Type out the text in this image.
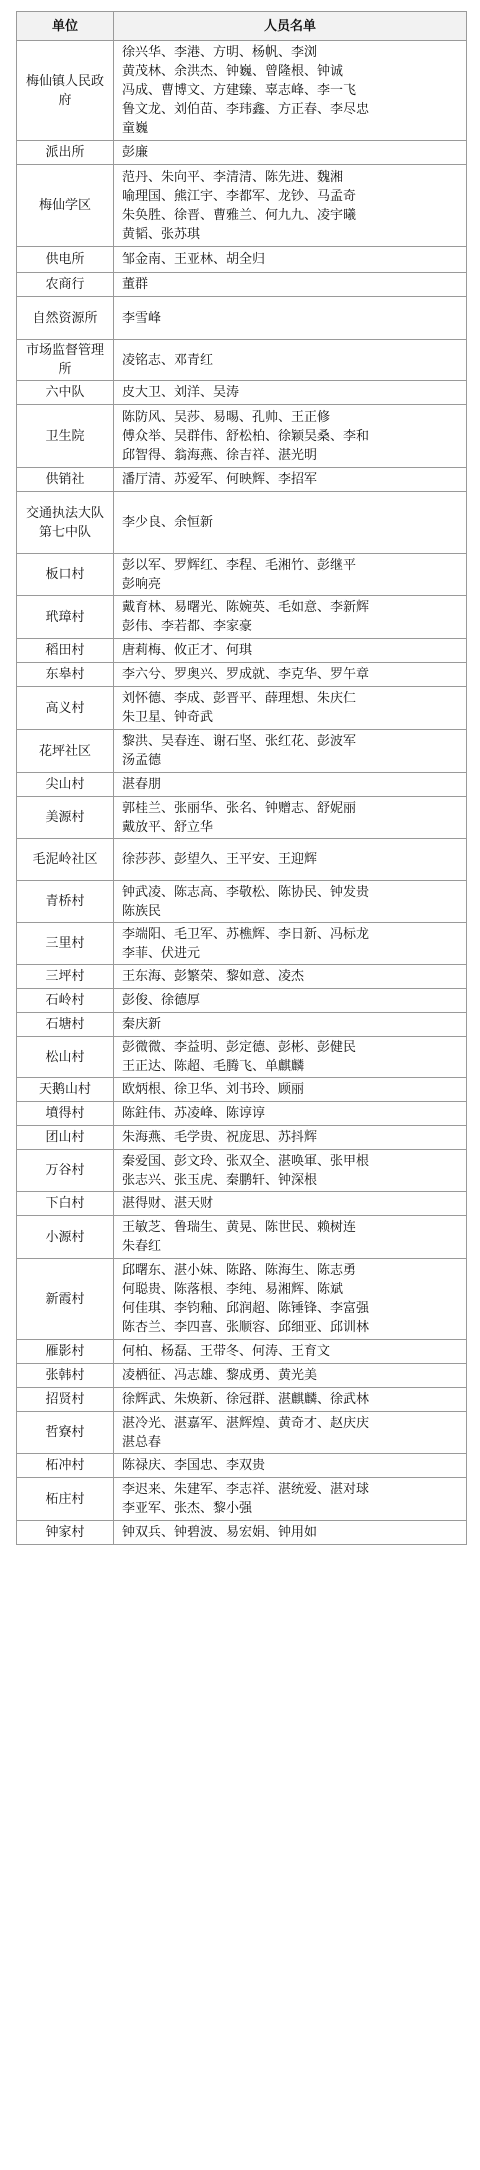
单位	人员名单
梅仙镇人民政府	徐兴华、李港、方明、杨帆、李浏
黄茂林、余洪杰、钟巍、曾隆根、钟诚
冯成、曹博文、方建臻、辜志峰、李一飞
鲁文龙、刘伯苗、李玮鑫、方正春、李尽忠
童巍
派出所	彭廉
梅仙学区	范丹、朱向平、李清清、陈先进、魏湘
喻理国、熊江宇、李都军、龙钞、马孟奇
朱奂胜、徐晋、曹雅兰、何九九、凌宇曦
黄韬、张苏琪
供电所	邹金南、王亚林、胡全归
农商行	董群
自然资源所	李雪峰
市场监督管理所	凌铭志、邓青红
六中队	皮大卫、刘洋、吴涛
卫生院	陈防风、吴莎、易晹、孔帅、王正修
傅众举、吴群伟、舒松柏、徐颖吴桑、李和
邱智得、翁海燕、徐吉祥、湛光明
供销社	潘厅清、苏爱军、何映辉、李招军
交通执法大队第七中队	李少良、余恒新
板口村	彭以军、罗辉红、李程、毛湘竹、彭继平
彭响亮
玳璋村	戴育林、易曙光、陈婉英、毛如意、李新辉
彭伟、李若都、李家豪
稻田村	唐莉梅、攸正才、何琪
东皋村	李六兮、罗奥兴、罗成就、李克华、罗午章
高义村	刘怀德、李成、彭晋平、薛理想、朱庆仁
朱卫星、钟奇武
花坪社区	黎洪、吴春连、谢石坚、张红花、彭波军
汤孟德
尖山村	湛春朋
美源村	郭桂兰、张丽华、张名、钟赠志、舒妮丽
戴放平、舒立华
毛泥岭社区	徐莎莎、彭望久、王平安、王迎辉
青桥村	钟武凌、陈志高、李敬松、陈协民、钟发贵
陈族民
三里村	李端阳、毛卫军、苏樵辉、李日新、冯标龙
李菲、伏进元
三坪村	王东海、彭繁荣、黎如意、凌杰
石岭村	彭俊、徐德厚
石塘村	秦庆新
松山村	彭微微、李益明、彭定德、彭彬、彭健民
王正达、陈超、毛腾飞、单麒麟
天鹅山村	欧炳根、徐卫华、刘书玲、顾丽
墳得村	陈鉒伟、苏凌峰、陈谆谆
团山村	朱海燕、毛学贵、祝庞思、苏抖辉
万谷村	秦爱国、彭文玲、张双全、湛唤軍、张甲根
张志兴、张玉虎、秦鹏轩、钟深根
下白村	湛得财、湛天财
小源村	王敏芝、鲁瑞生、黄晃、陈世民、赖树连
朱春红
新霞村	邱曙东、湛小妹、陈路、陈海生、陈志勇
何聪贵、陈落根、李纯、易湘辉、陈斌
何佳琪、李钧釉、邱润超、陈锤锋、李富强
陈杏兰、李四喜、张顺容、邱细亚、邱训林
雁影村	何柏、杨磊、王带冬、何涛、王育文
张韩村	凌栖征、冯志雄、黎成勇、黄光美
招贤村	徐辉武、朱焕新、徐冠群、湛麒麟、徐武林
哲寮村	湛冷光、湛嘉军、湛辉煌、黄奇才、赵庆庆
湛总春
柘冲村	陈禄庆、李国忠、李双贵
柘庄村	李迟来、朱建军、李志祥、湛统爱、湛对球
李亚军、张杰、黎小强
钟家村	钟双兵、钟碧波、易宏娟、钟用如
